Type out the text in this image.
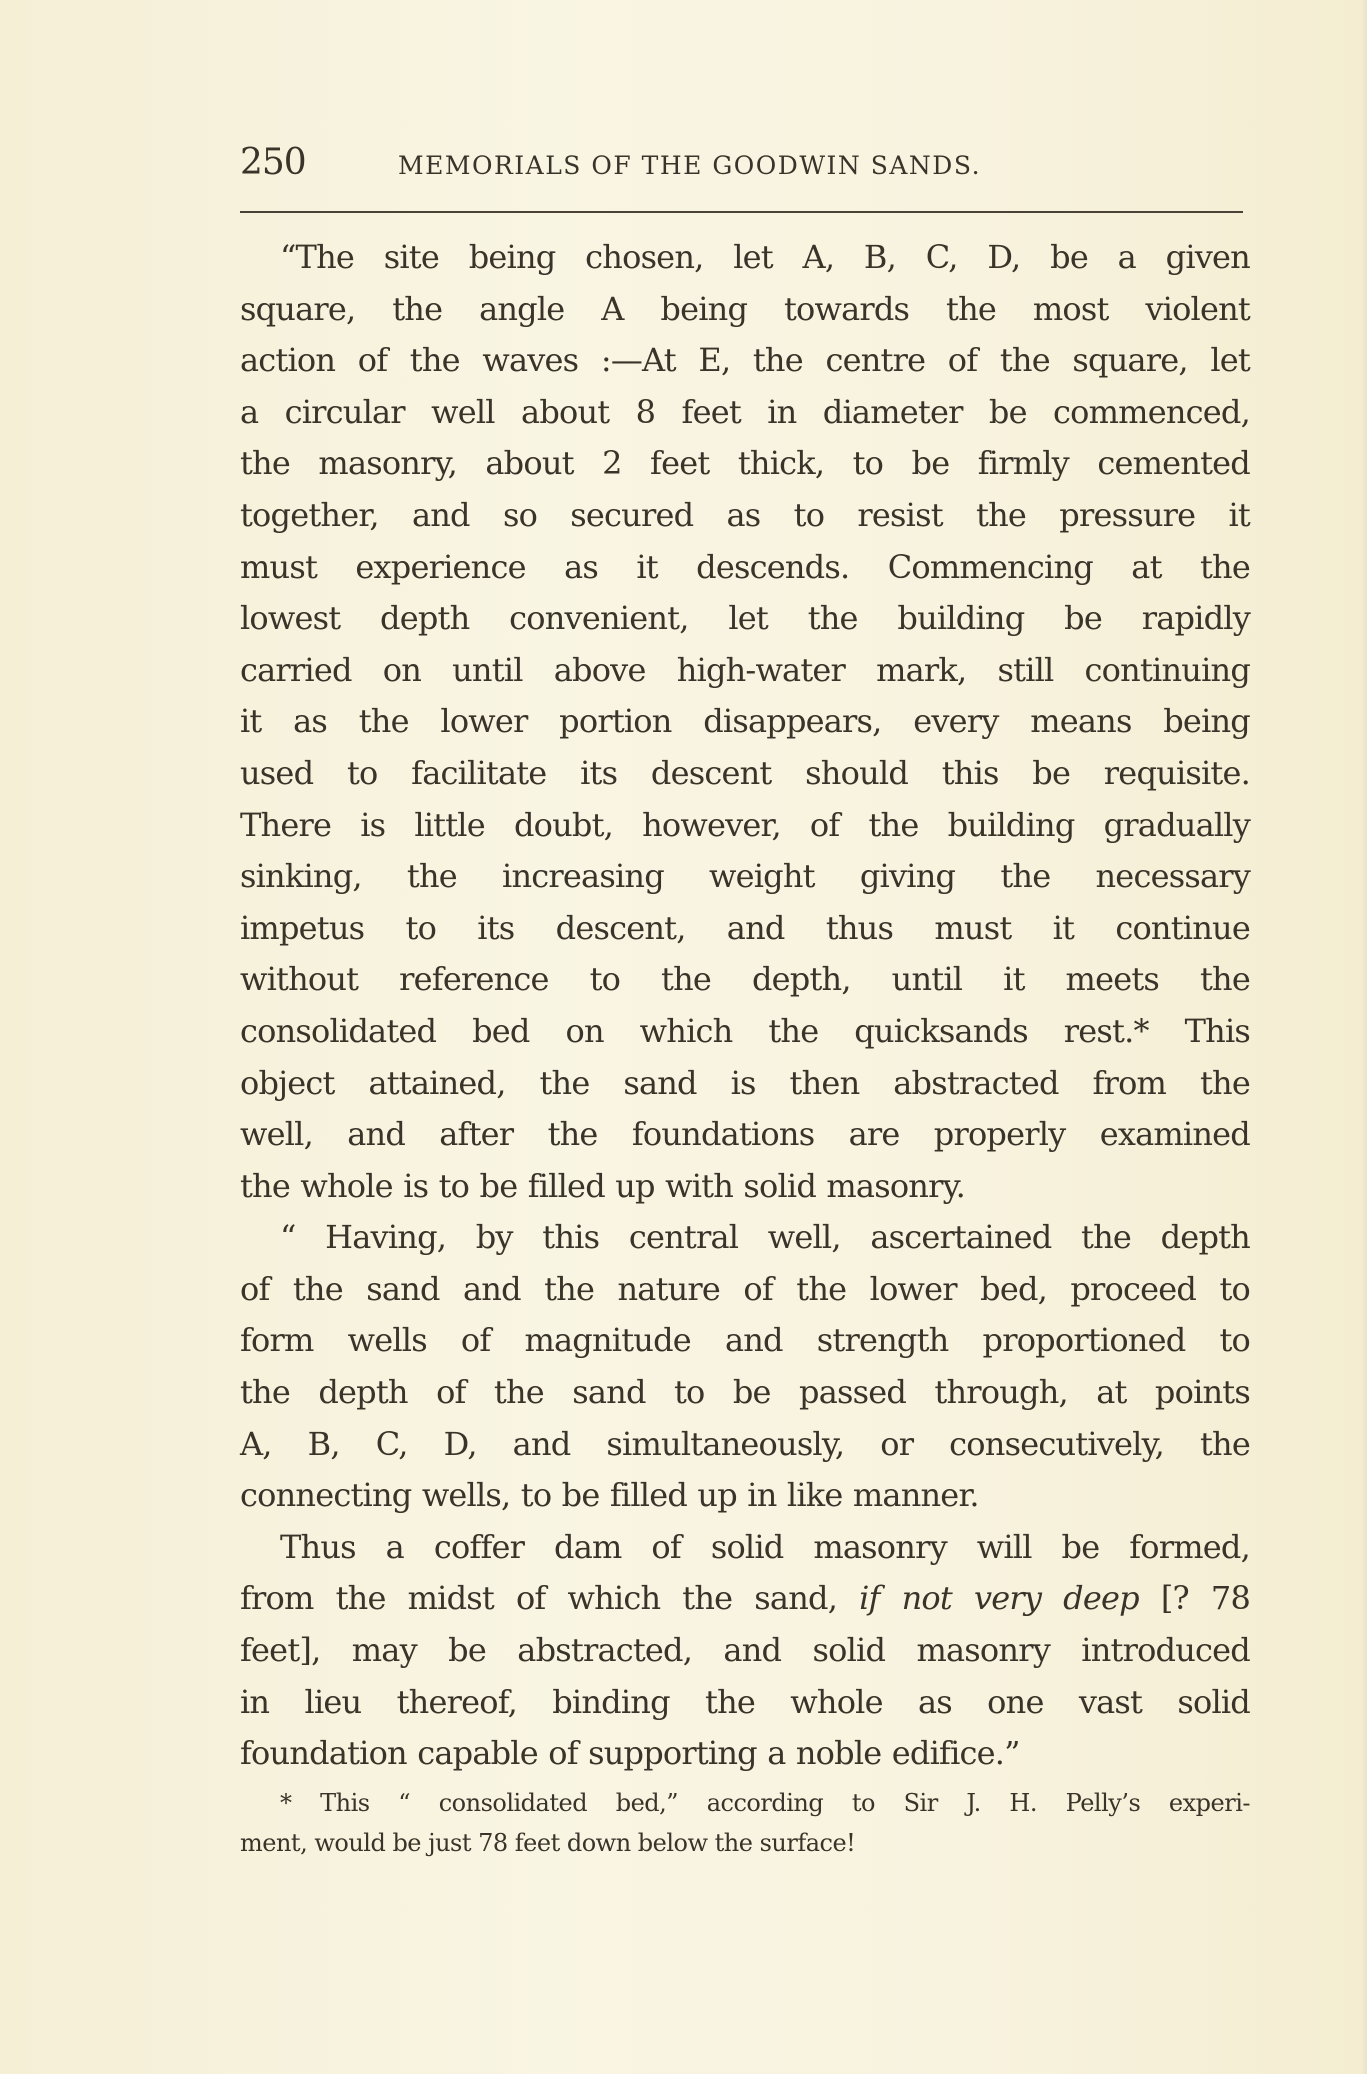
250	MEMORIALS OF THE GOODWIN SANDS.
“The site being chosen, let A, B, C, D, be a given
square, the angle A being towards the most violent
action of the waves :—At E, the centre of the square, let
a circular well about 8 feet in diameter be commenced,
the masonry, about 2 feet thick, to be firmly cemented
together, and so secured as to resist the pressure it
must experience as it descends. Commencing at the
lowest depth convenient, let the building be rapidly
carried on until above high-water mark, still continuing
it as the lower portion disappears, every means being
used to facilitate its descent should this be requisite.
There is little doubt, however, of the building gradually
sinking, the increasing weight giving the necessary
impetus to its descent, and thus must it continue
without reference to the depth, until it meets the
consolidated bed on which the quicksands rest.* This
object attained, the sand is then abstracted from the
well, and after the foundations are properly examined
the whole is to be filled up with solid masonry.
“ Having, by this central well, ascertained the depth
of the sand and the nature of the lower bed, proceed to
form wells of magnitude and strength proportioned to
the depth of the sand to be passed through, at points
A, B, C, D, and simultaneously, or consecutively, the
connecting wells, to be filled up in like manner.
Thus a coffer dam of solid masonry will be formed,
from the midst of which the sand, if not very deep [? 78
feet], may be abstracted, and solid masonry introduced
in lieu thereof, binding the whole as one vast solid
foundation capable of supporting a noble edifice.”
* This “ consolidated bed,” according to Sir J. H. Pelly’s experi-
ment, would be just 78 feet down below the surface!
